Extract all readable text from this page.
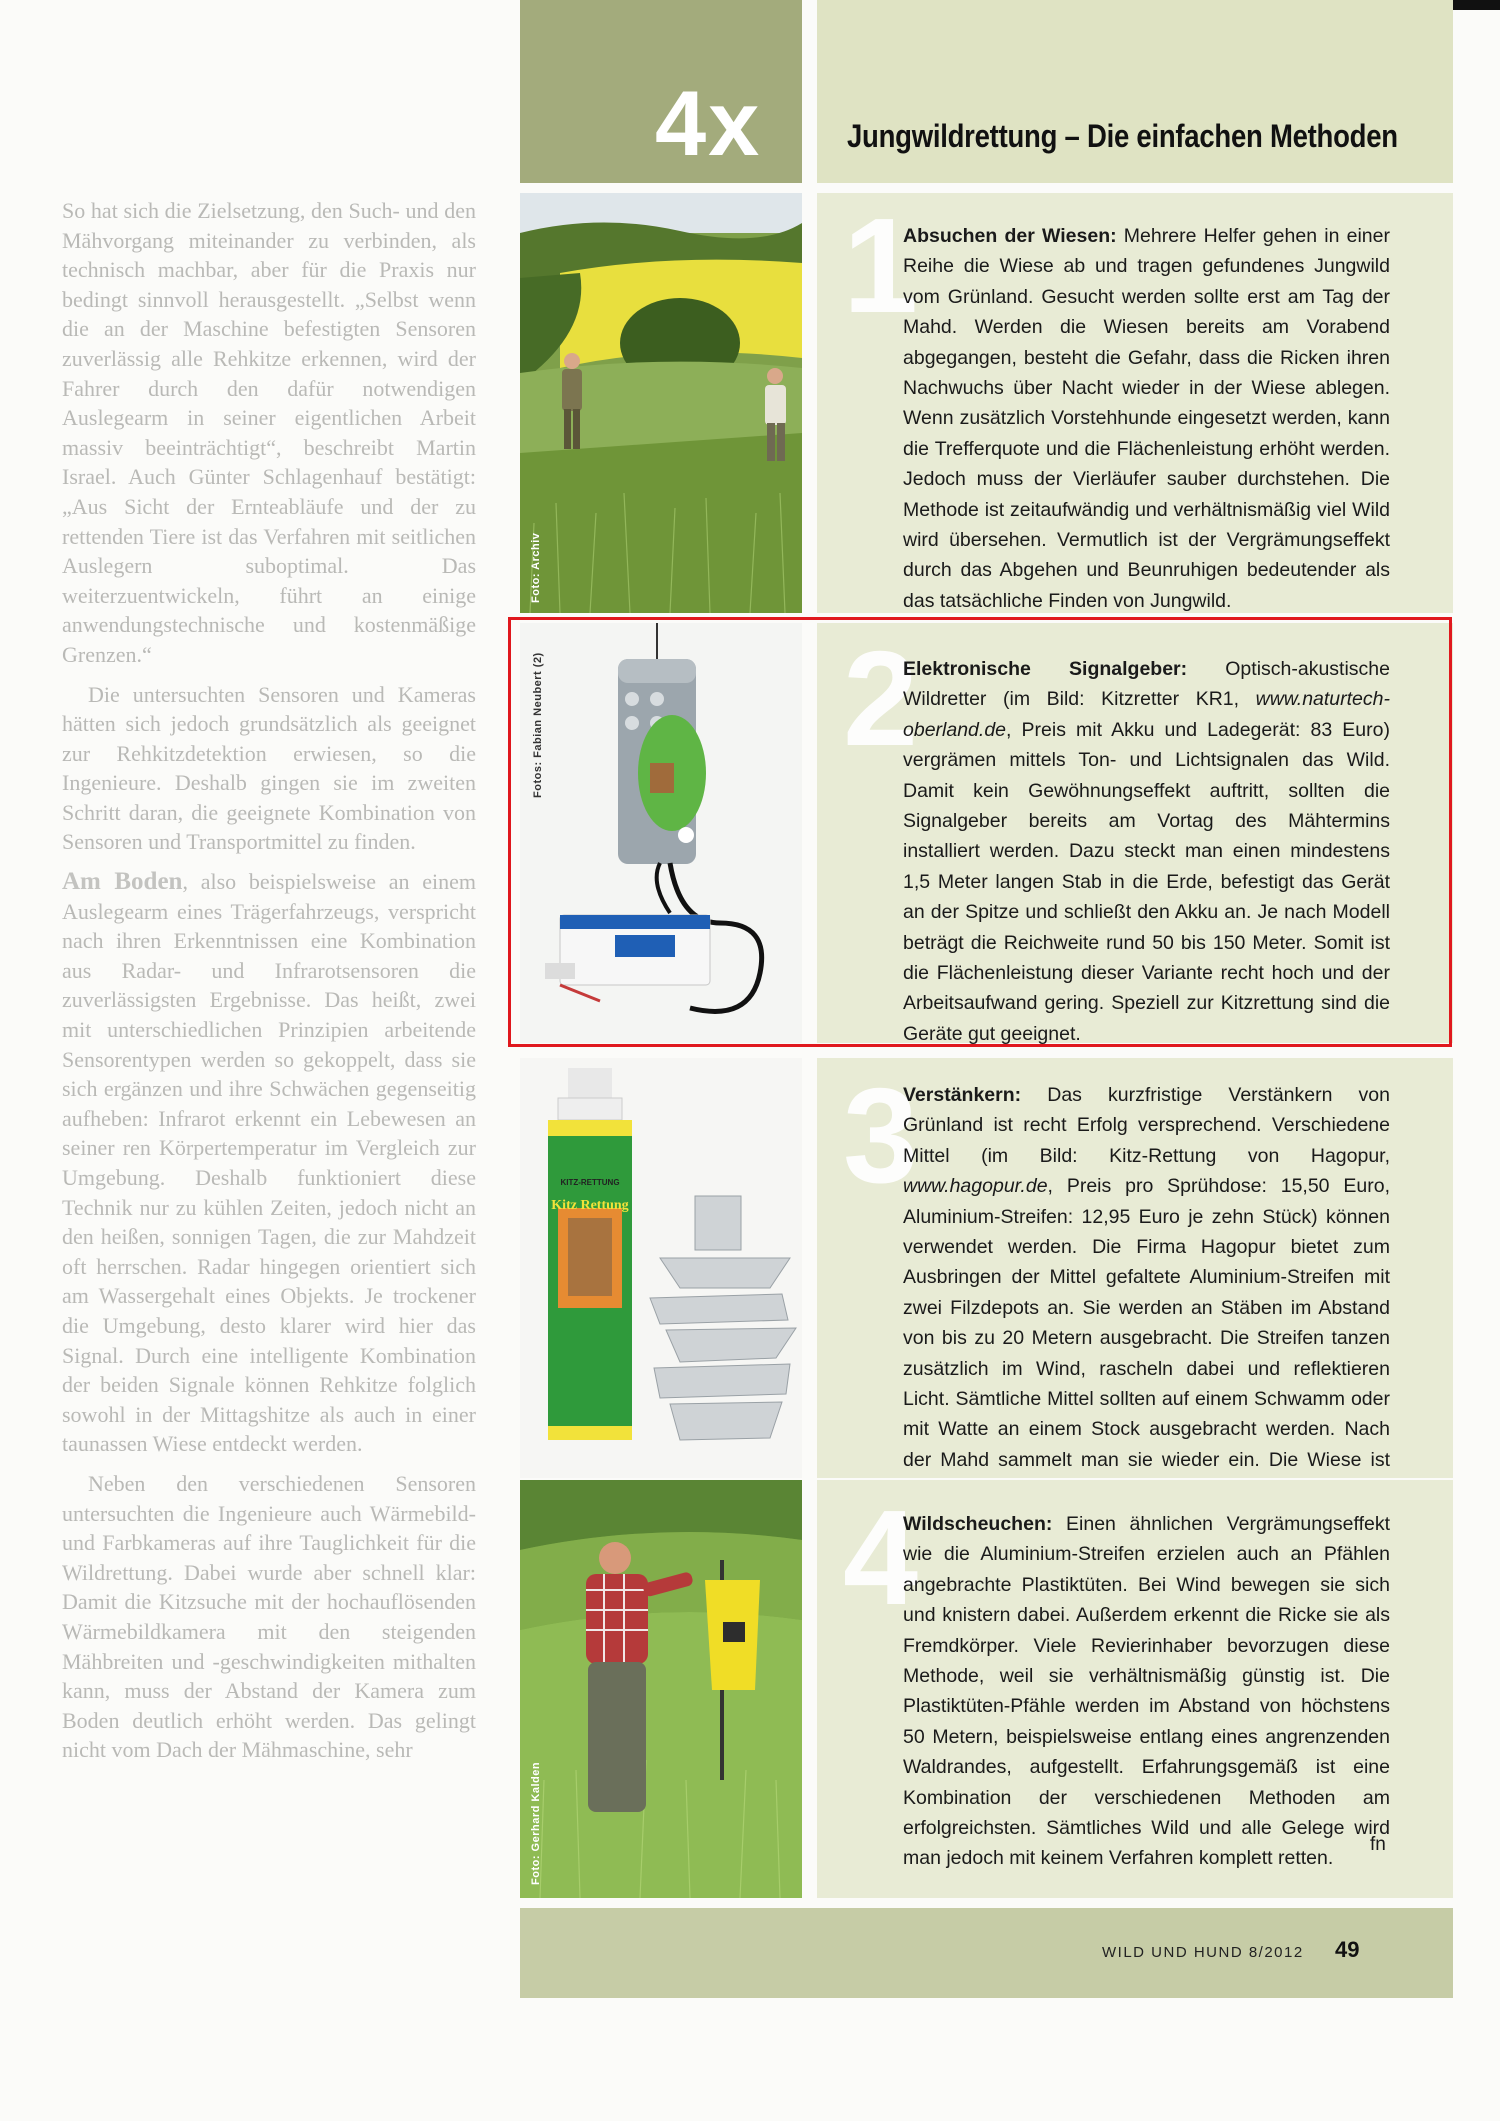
So hat sich die Zielsetzung, den Such- und den Mähvorgang miteinander zu verbinden, als technisch machbar, aber für die Praxis nur bedingt sinnvoll herausgestellt. „Selbst wenn die an der Maschine befestigten Sensoren zuverlässig alle Rehkitze erkennen, wird der Fahrer durch den dafür notwendigen Auslegearm in seiner eigentlichen Arbeit massiv beeinträchtigt“, beschreibt Martin Israel. Auch Günter Schlagenhauf bestätigt: „Aus Sicht der Ernteabläufe und der zu rettenden Tiere ist das Verfahren mit seitlichen Auslegern suboptimal. Das weiterzuentwickeln, führt an einige anwendungstechnische und kostenmäßige Grenzen.“

Die untersuchten Sensoren und Kameras hätten sich jedoch grundsätzlich als geeignet zur Rehkitzdetektion erwiesen, so die Ingenieure. Deshalb gingen sie im zweiten Schritt daran, die geeignete Kombination von Sensoren und Transportmittel zu finden.

Am Boden, also beispielsweise an einem Auslegearm eines Trägerfahrzeugs, verspricht nach ihren Erkenntnissen eine Kombination aus Radar- und Infrarotsensoren die zuverlässigsten Ergebnisse. Das heißt, zwei mit unterschiedlichen Prinzipien arbeitende Sensorentypen werden so gekoppelt, dass sie sich ergänzen und ihre Schwächen gegenseitig aufheben: Infrarot erkennt ein Lebewesen an seiner ren Körpertemperatur im Vergleich zur Umgebung. Deshalb funktioniert diese Technik nur zu kühlen Zeiten, jedoch nicht an den heißen, sonnigen Tagen, die zur Mahdzeit oft herrschen. Radar hingegen orientiert sich am Wassergehalt eines Objekts. Je trockener die Umgebung, desto klarer wird hier das Signal. Durch eine intelligente Kombination der beiden Signale können Rehkitze folglich sowohl in der Mittagshitze als auch in einer taunassen Wiese entdeckt werden.

Neben den verschiedenen Sensoren untersuchten die Ingenieure auch Wärmebild- und Farbkameras auf ihre Tauglichkeit für die Wildrettung. Dabei wurde aber schnell klar: Damit die Kitzsuche mit der hochauflösenden Wärmebildkamera mit den steigenden Mähbreiten und -geschwindigkeiten mithalten kann, muss der Abstand der Kamera zum Boden deutlich erhöht werden. Das gelingt nicht vom Dach der Mähmaschine, sehr

4x	Jungwildrettung – Die einfachen Methoden
Foto: Archiv
1
Absuchen der Wiesen: Mehrere Helfer gehen in einer Reihe die Wiese ab und tragen gefundenes Jungwild vom Grünland. Gesucht werden sollte erst am Tag der Mahd. Werden die Wiesen bereits am Vorabend abgegangen, besteht die Gefahr, dass die Ricken ihren Nachwuchs über Nacht wieder in der Wiese ablegen. Wenn zusätzlich Vorstehhunde eingesetzt werden, kann die Trefferquote und die Flächenleistung erhöht werden. Jedoch muss der Vierläufer sauber durchstehen. Die Methode ist zeitaufwändig und verhältnismäßig viel Wild wird übersehen. Vermutlich ist der Vergrämungseffekt durch das Abgehen und Beunruhigen bedeutender als das tatsächliche Finden von Jungwild.
Fotos: Fabian Neubert (2) 2
Elektronische Signalgeber: Optisch-akustische Wildretter (im Bild: Kitzretter KR1, www.naturtech-oberland.de, Preis mit Akku und Ladegerät: 83 Euro) vergrämen mittels Ton- und Lichtsignalen das Wild. Damit kein Gewöhnungseffekt auftritt, sollten die Signalgeber bereits am Vortag des Mähtermins installiert werden. Dazu steckt man einen mindestens 1,5 Meter langen Stab in die Erde, befestigt das Gerät an der Spitze und schließt den Akku an. Je nach Modell beträgt die Reichweite rund 50 bis 150 Meter. Somit ist die Flächenleistung dieser Variante recht hoch und der Arbeitsaufwand gering. Speziell zur Kitzrettung sind die Geräte gut geeignet.
KITZ-RETTUNG
Kitz Rettung 3
Verstänkern: Das kurzfristige Verstänkern von Grünland ist recht Erfolg versprechend. Verschiedene Mittel (im Bild: Kitz-Rettung von Hagopur, www.hagopur.de, Preis pro Sprühdose: 15,50 Euro, Aluminium-Streifen: 12,95 Euro je zehn Stück) können verwendet werden. Die Firma Hagopur bietet zum Ausbringen der Mittel gefaltete Aluminium-Streifen mit zwei Filzdepots an. Sie werden an Stäben im Abstand von bis zu 20 Metern ausgebracht. Die Streifen tanzen zusätzlich im Wind, rascheln dabei und reflektieren Licht. Sämtliche Mittel sollten auf einem Schwamm oder mit Watte an einem Stock ausgebracht werden. Nach der Mahd sammelt man sie wieder ein. Die Wiese ist
Foto: Gerhard Kalden
4
Wildscheuchen: Einen ähnlichen Vergrämungseffekt wie die Aluminium-Streifen erzielen auch an Pfählen angebrachte Plastiktüten. Bei Wind bewegen sie sich und knistern dabei. Außerdem erkennt die Ricke sie als Fremdkörper. Viele Revierinhaber bevorzugen diese Methode, weil sie verhältnismäßig günstig ist. Die Plastiktüten-Pfähle werden im Abstand von höchstens 50 Metern, beispielsweise entlang eines angrenzenden Waldrandes, aufgestellt. Erfahrungsgemäß ist eine Kombination der verschiedenen Methoden am erfolgreichsten. Sämtliches Wild und alle Gelege wird man jedoch mit keinem Verfahren komplett retten.
fn
WILD UND HUND 8/2012 49
